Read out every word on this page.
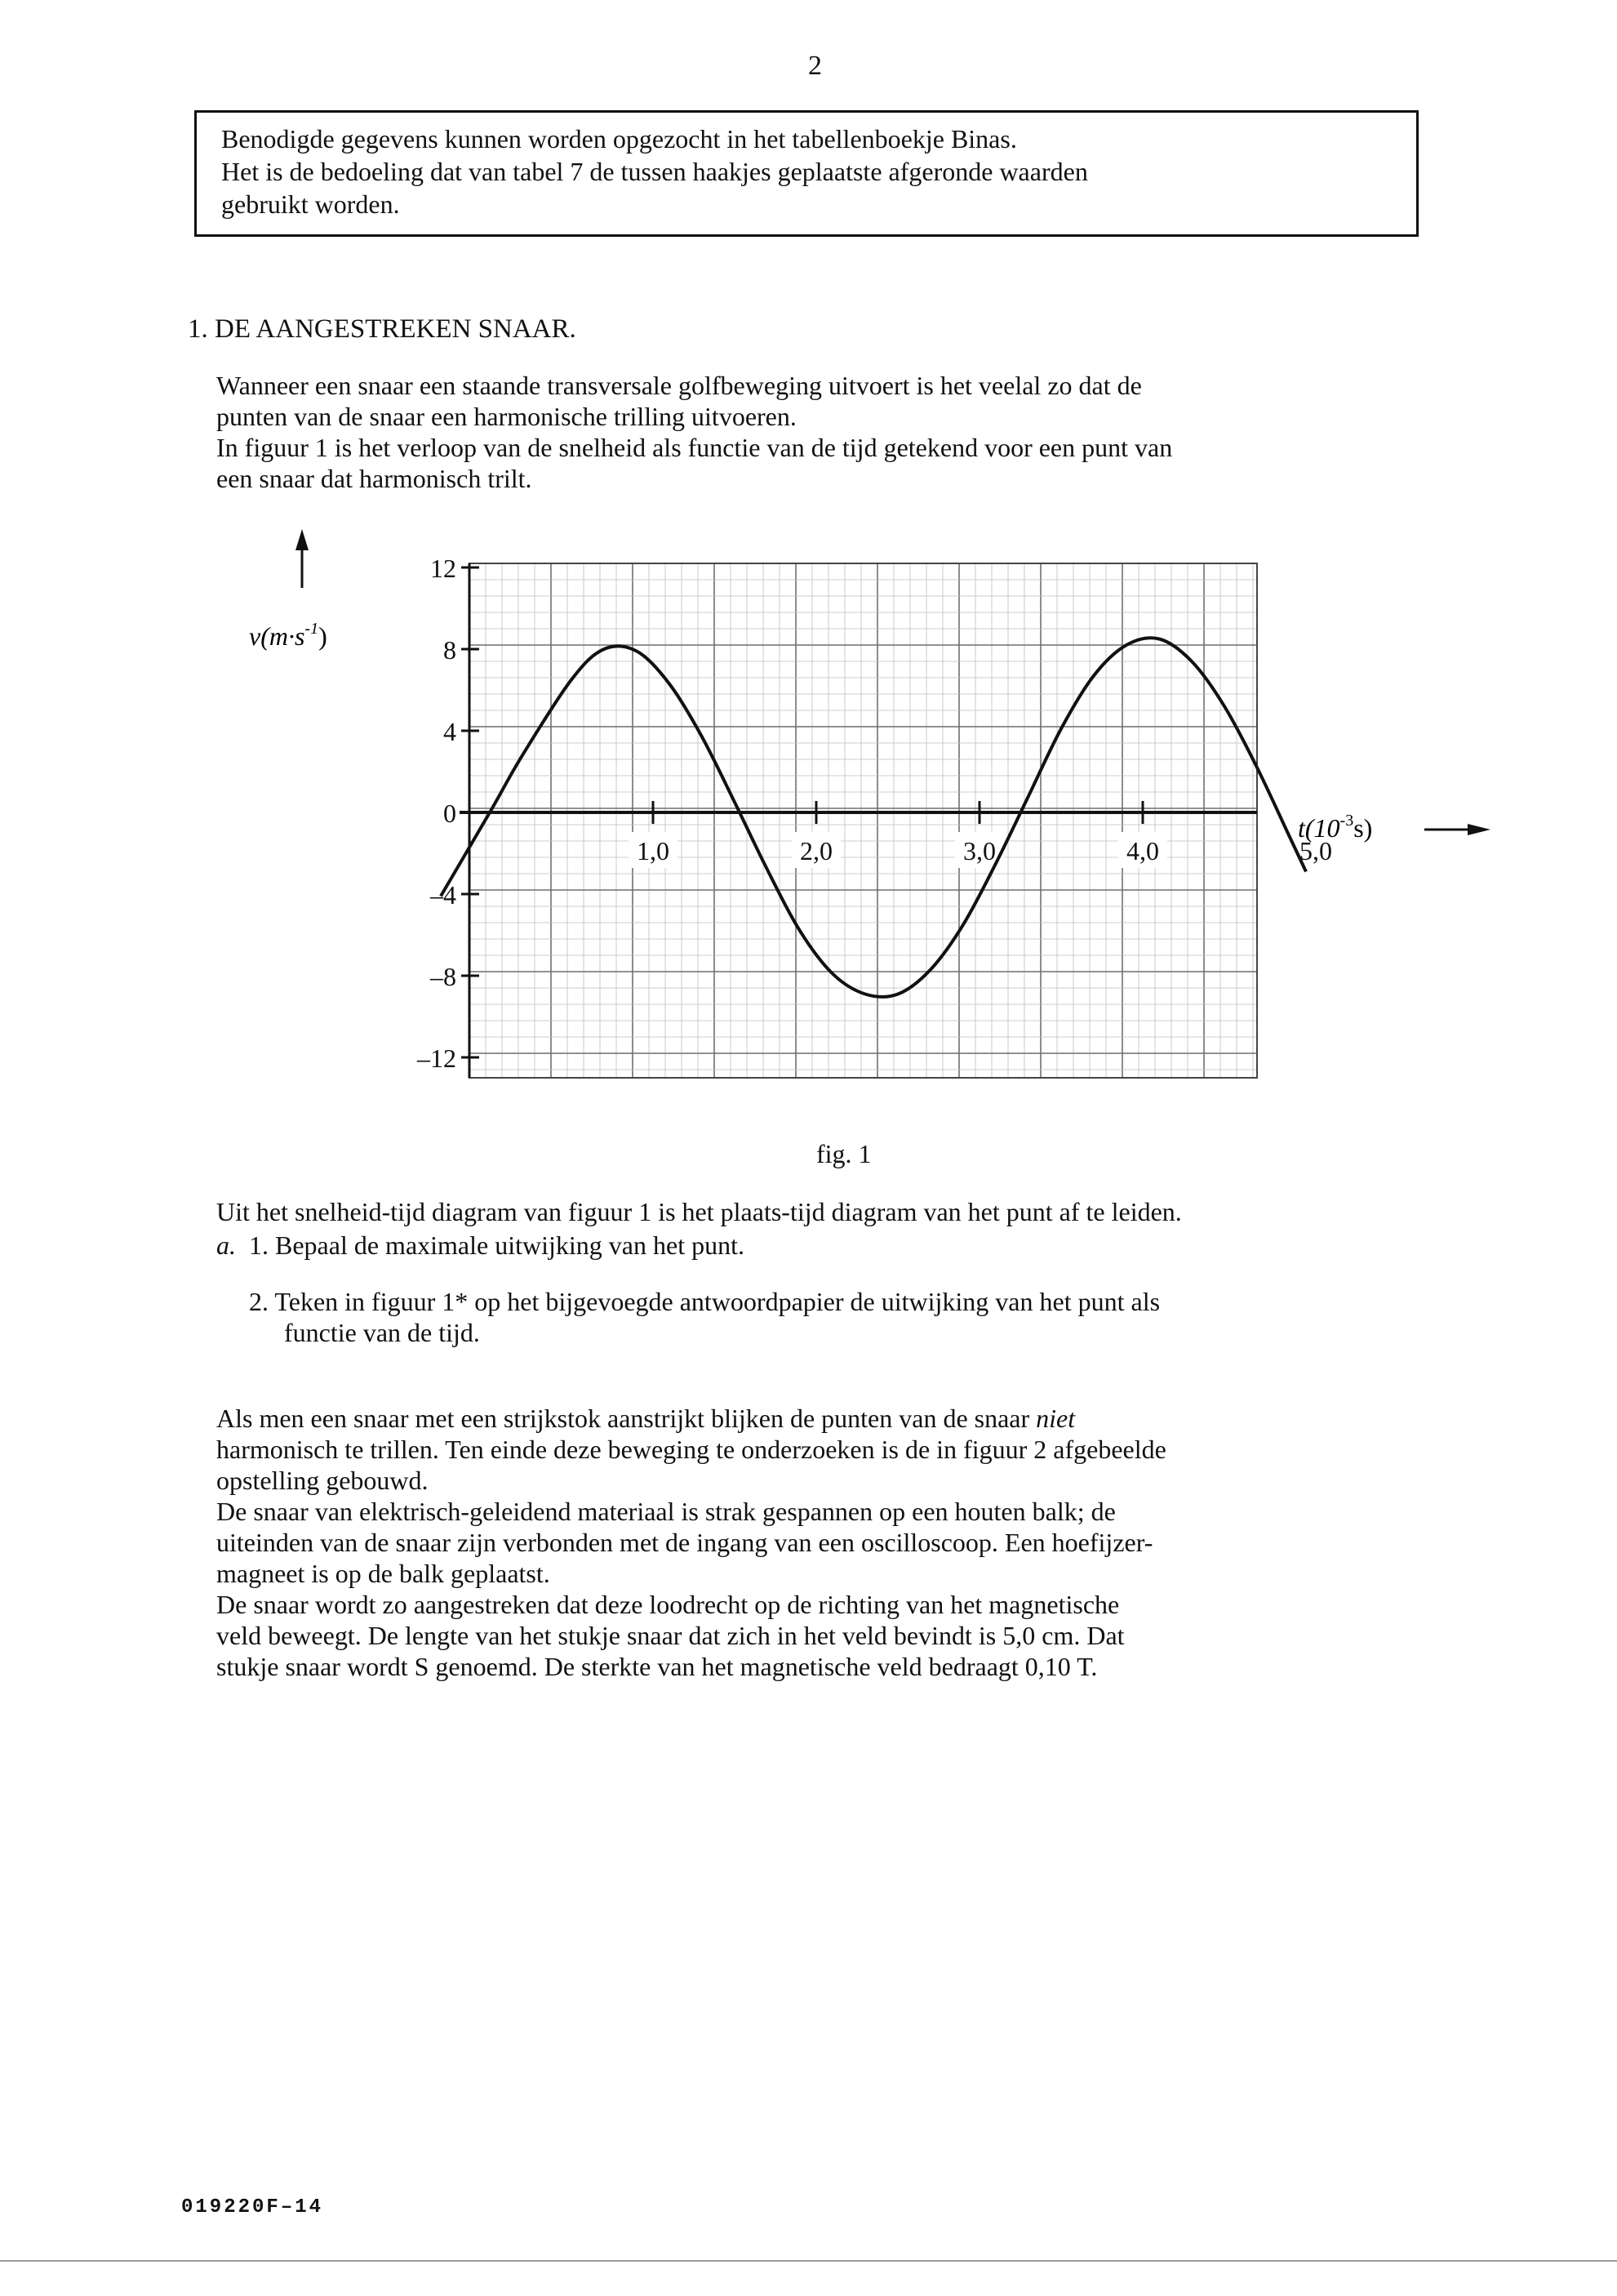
2

Benodigde gegevens kunnen worden opgezocht in het tabellenboekje Binas.

Het is de bedoeling dat van tabel 7 de tussen haakjes geplaatste afgeronde waarden

gebruikt worden.

1. DE AANGESTREKEN SNAAR.

Wanneer een snaar een staande transversale golfbeweging uitvoert is het veelal zo dat de

punten van de snaar een harmonische trilling uitvoeren.

In figuur 1 is het verloop van de snelheid als functie van de tijd getekend voor een punt van

een snaar dat harmonisch trilt.

12
8
4
0
–4
–8
–12
1,0	2,0	3,0	4,0	5,0
$v(m\cdot s^{-1})$
$t(10^{-3}s)$
fig. 1

Uit het snelheid-tijd diagram van figuur 1 is het plaats-tijd diagram van het punt af te leiden.

a. 1. Bepaal de maximale uitwijking van het punt.

2. Teken in figuur 1* op het bijgevoegde antwoordpapier de uitwijking van het punt als

functie van de tijd.

Als men een snaar met een strijkstok aanstrijkt blijken de punten van de snaar niet

harmonisch te trillen. Ten einde deze beweging te onderzoeken is de in figuur 2 afgebeelde

opstelling gebouwd.

De snaar van elektrisch-geleidend materiaal is strak gespannen op een houten balk; de

uiteinden van de snaar zijn verbonden met de ingang van een oscilloscoop. Een hoefijzer-

magneet is op de balk geplaatst.

De snaar wordt zo aangestreken dat deze loodrecht op de richting van het magnetische

veld beweegt. De lengte van het stukje snaar dat zich in het veld bevindt is 5,0 cm. Dat

stukje snaar wordt S genoemd. De sterkte van het magnetische veld bedraagt 0,10 T.

019220F–14
